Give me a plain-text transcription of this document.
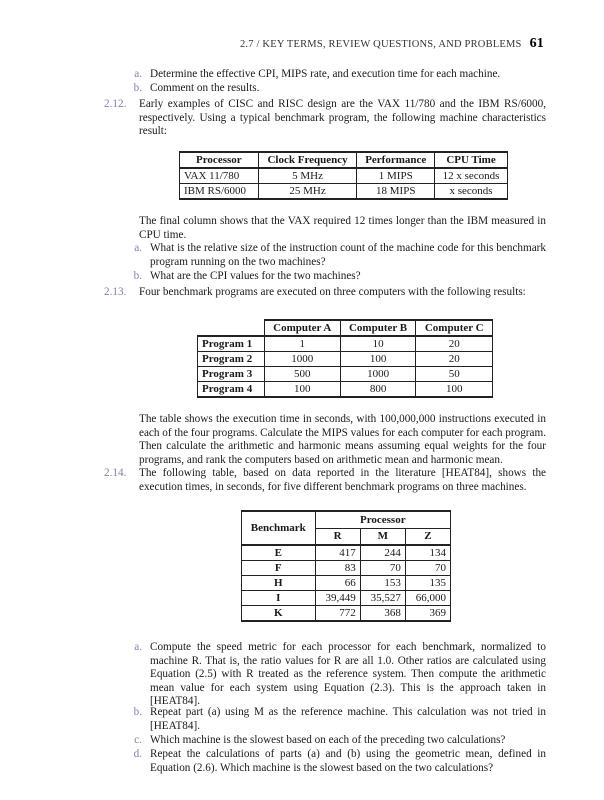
2.7 / KEY TERMS, REVIEW QUESTIONS, AND PROBLEMS 61
a. Determine the effective CPI, MIPS rate, and execution time for each machine.
b. Comment on the results.
2.12. Early examples of CISC and RISC design are the VAX 11/780 and the IBM RS/6000, respectively. Using a typical benchmark program, the following machine characteristics result:
Processor	Clock Frequency	Performance	CPU Time
VAX 11/780	5 MHz	1 MIPS	12 x seconds
IBM RS/6000	25 MHz	18 MIPS	x seconds
The final column shows that the VAX required 12 times longer than the IBM measured in CPU time.
a. What is the relative size of the instruction count of the machine code for this benchmark program running on the two machines?
b. What are the CPI values for the two machines?
2.13. Four benchmark programs are executed on three computers with the following results:
	Computer A	Computer B	Computer C
Program 1	1	10	20
Program 2	1000	100	20
Program 3	500	1000	50
Program 4	100	800	100
The table shows the execution time in seconds, with 100,000,000 instructions executed in each of the four programs. Calculate the MIPS values for each computer for each program. Then calculate the arithmetic and harmonic means assuming equal weights for the four programs, and rank the computers based on arithmetic mean and harmonic mean.
2.14. The following table, based on data reported in the literature [HEAT84], shows the execution times, in seconds, for five different benchmark programs on three machines.
Benchmark	Processor		
	R	M	Z
E	417	244	134
F	83	70	70
H	66	153	135
I	39,449	35,527	66,000
K	772	368	369
a. Compute the speed metric for each processor for each benchmark, normalized to machine R. That is, the ratio values for R are all 1.0. Other ratios are calculated using Equation (2.5) with R treated as the reference system. Then compute the arithmetic mean value for each system using Equation (2.3). This is the approach taken in [HEAT84].
b. Repeat part (a) using M as the reference machine. This calculation was not tried in [HEAT84].
c. Which machine is the slowest based on each of the preceding two calculations?
d. Repeat the calculations of parts (a) and (b) using the geometric mean, defined in Equation (2.6). Which machine is the slowest based on the two calculations?
